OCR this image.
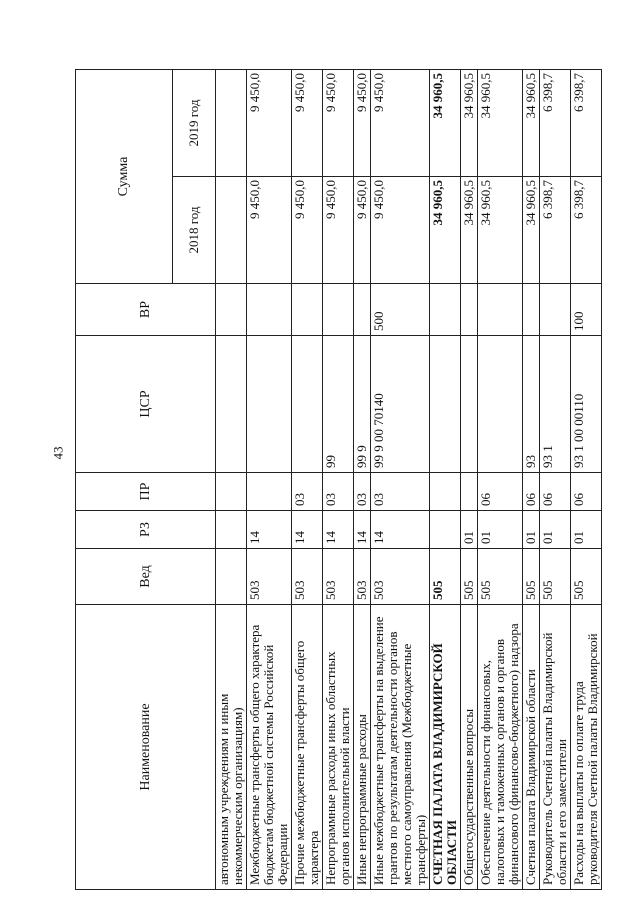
43
Наименование	Вед	РЗ	ПР	ЦСР	ВР	Сумма	
						2018 год	2019 год
автономным учреждениям и иным некоммерческим организациям)							
Межбюджетные трансферты общего характера бюджетам бюджетной системы Российской Федерации	503	14				9 450,0	9 450,0
Прочие межбюджетные трансферты общего характера	503	14	03			9 450,0	9 450,0
Непрограммные расходы иных областных органов исполнительной власти	503	14	03	99		9 450,0	9 450,0
Иные непрограммные расходы	503	14	03	99 9		9 450,0	9 450,0
Иные межбюджетные трансферты на выделение грантов по результатам деятельности органов местного самоуправления (Межбюджетные трансферты)	503	14	03	99 9 00 70140	500	9 450,0	9 450,0
СЧЕТНАЯ ПАЛАТА ВЛАДИМИРСКОЙ ОБЛАСТИ	505					34 960,5	34 960,5
Общегосударственные вопросы	505	01				34 960,5	34 960,5
Обеспечение деятельности финансовых, налоговых и таможенных органов и органов финансового (финансово-бюджетного) надзора	505	01	06			34 960,5	34 960,5
Счетная палата Владимирской области	505	01	06	93		34 960,5	34 960,5
Руководитель Счетной палаты Владимирской области и его заместители	505	01	06	93 1		6 398,7	6 398,7
Расходы на выплаты по оплате труда руководителя Счетной палаты Владимирской	505	01	06	93 1 00 00110	100	6 398,7	6 398,7
